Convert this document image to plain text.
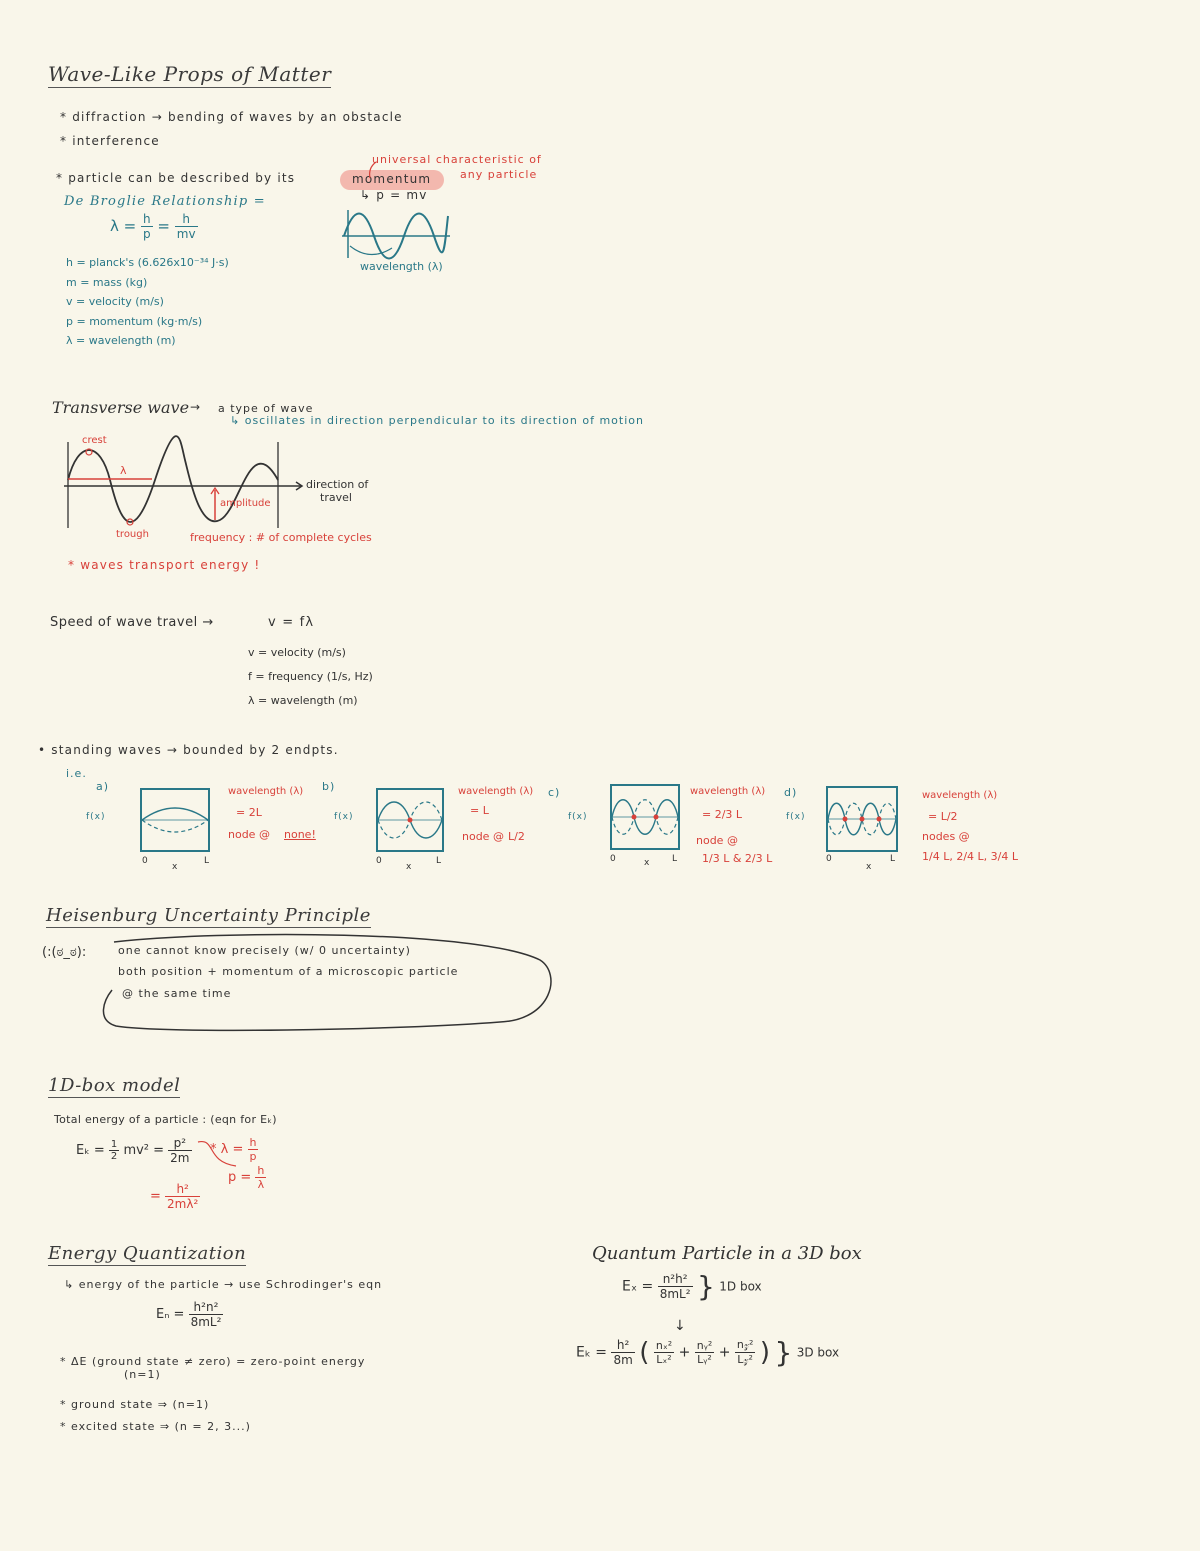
Wave-Like Props of Matter
* diffraction → bending of waves by an obstacle
* interference
* particle can be described by its	momentum
↳ p = mv
universal characteristic of
any particle
De Broglie Relationship =
$\lambda = \frac{h}{p} = \frac{h}{mv}$
h = planck's (6.626x10⁻³⁴ J·s)
m = mass (kg)
v = velocity (m/s)
p = momentum (kg·m/s)
λ = wavelength (m)
wavelength (λ)
Transverse wave → a type of wave
↳ oscillates in direction perpendicular to its direction of motion
crest
λ
trough
amplitude
direction of
travel
frequency : # of complete cycles
* waves transport energy !
Speed of wave travel →	v = fλ
v = velocity (m/s)
f = frequency (1/s, Hz)
λ = wavelength (m)
• standing waves → bounded by 2 endpts.
i.e.
a)
f(x)
0
x
L
wavelength (λ)
= 2L
node @ none!
b)
f(x)
0
x
L
wavelength (λ)
= L
node @ L/2
c)
f(x)
0	x L
wavelength (λ)
= 2/3 L
node @
1/3 L & 2/3 L
d)
f(x)
0
x
L
wavelength (λ)
= L/2
nodes @
1/4 L, 2/4 L, 3/4 L
Heisenburg Uncertainty Principle
(:(ಠ_ಠ):	one cannot know precisely (w/ 0 uncertainty)
both position + momentum of a microscopic particle
@ the same time
1D-box model
Total energy of a particle : (eqn for Eₖ)
$E_k = \frac{1}{2} mv^2 = \frac{\text{p²}}{2m} * \lambda = \frac{h}{p}$
$p = \frac{h}{\lambda}$
= $\frac{\text{h²}}{\text{2mλ²}}$
Energy Quantization
↳ energy of the particle → use Schrodinger's eqn
$E_n = \frac{\text{h²n²}}{\text{8mL²}}$
* ΔE (ground state ≠ zero) = zero-point energy
(n=1)
* ground state ⇒ (n=1)
* excited state ⇒ (n = 2, 3...)
Quantum Particle in a 3D box
$E_x = \frac{\text{n²h²}}{\text{8mL²}}$ } 1D box
↓
$E_k = \frac{\text{h²}}{8m}$ ( $\frac{\text{nₓ²}}{\text{Lₓ²}} + \frac{\text{nᵧ²}}{\text{Lᵧ²}} + \frac{\text{n𝓏²}}{\text{L𝓏²}}$ ) } 3D box
